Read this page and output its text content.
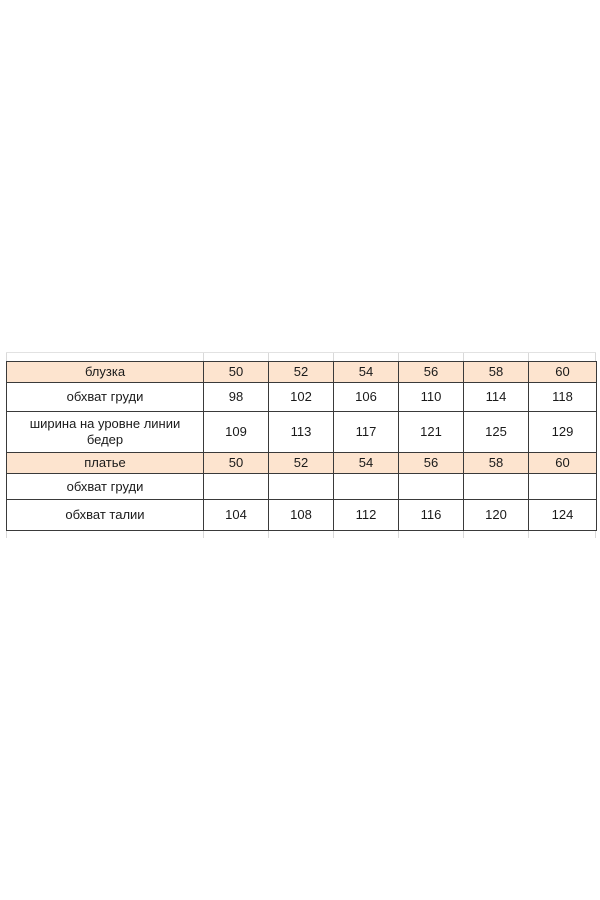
блузка	50	52	54	56	58	60
обхват груди	98	102	106	110	114	118
ширина на уровне линии бедер	109	113	117	121	125	129
платье	50	52	54	56	58	60
обхват груди						
обхват талии	104	108	112	116	120	124
